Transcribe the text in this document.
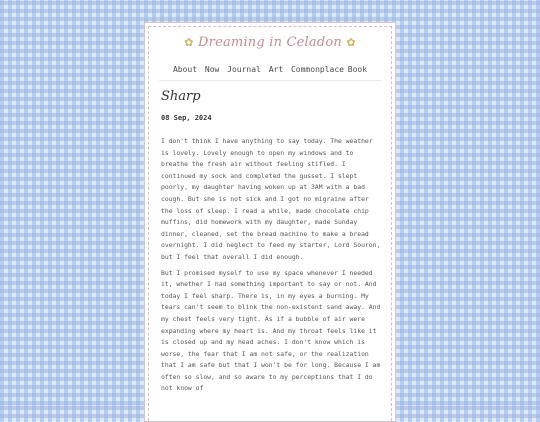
✿ Dreaming in Celadon ✿
About Now Journal Art Commonplace Book
Sharp
08 Sep, 2024

I don't think I have anything to say today. The weather is lovely. Lovely enough to open my windows and to breathe the fresh air without feeling stifled. I continued my sock and completed the gusset. I slept poorly, my daughter having woken up at 3AM with a bad cough. But she is not sick and I got no migraine after the loss of sleep. I read a while, made chocolate chip muffins, did homework with my daughter, made Sunday dinner, cleaned, set the bread machine to make a bread overnight. I did neglect to feed my starter, Lord Souron, but I feel that overall I did enough.

But I promised myself to use my space whenever I needed it, whether I had something important to say or not. And today I feel sharp. There is, in my eyes a burning. My tears can't seem to blink the non-existent sand away. And my chest feels very tight. As if a bubble of air were expanding where my heart is. And my throat feels like it is closed up and my head aches. I don't know which is worse, the fear that I am not safe, or the realization that I am safe but that I won't be for long. Because I am often so slow, and so aware to my perceptions that I do not know of
